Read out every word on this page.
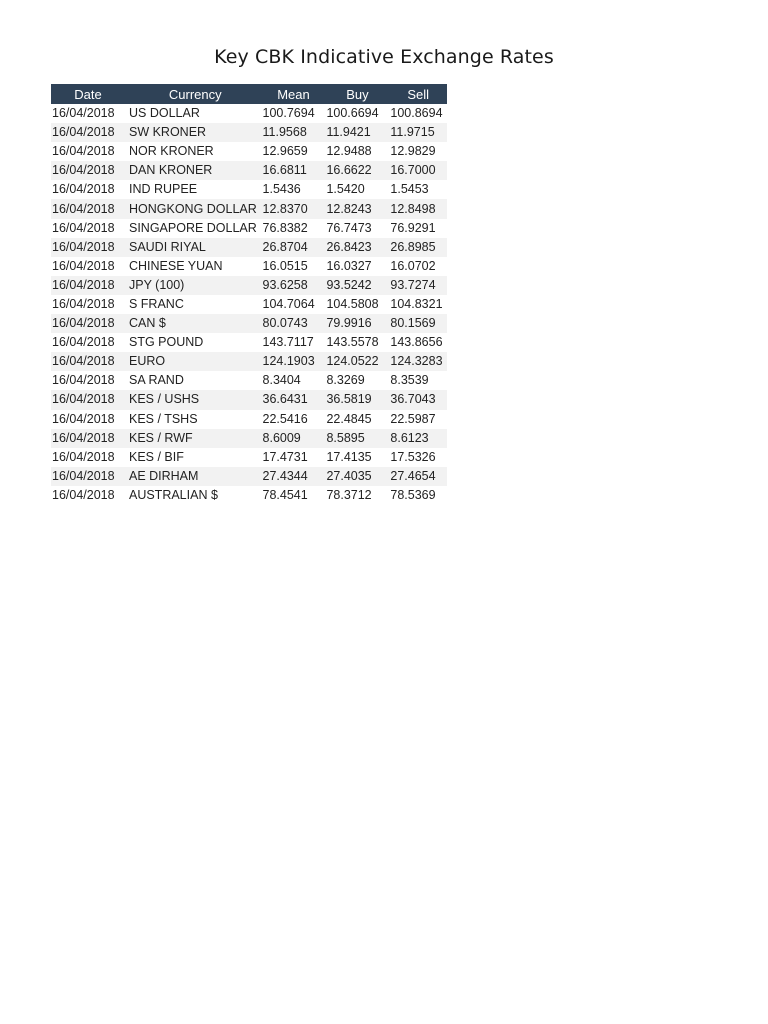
Key CBK Indicative Exchange Rates
Date	Currency	Mean	Buy	Sell
16/04/2018	US DOLLAR	100.7694	100.6694	100.8694
16/04/2018	SW KRONER	11.9568	11.9421	11.9715
16/04/2018	NOR KRONER	12.9659	12.9488	12.9829
16/04/2018	DAN KRONER	16.6811	16.6622	16.7000
16/04/2018	IND RUPEE	1.5436	1.5420	1.5453
16/04/2018	HONGKONG DOLLAR	12.8370	12.8243	12.8498
16/04/2018	SINGAPORE DOLLAR	76.8382	76.7473	76.9291
16/04/2018	SAUDI RIYAL	26.8704	26.8423	26.8985
16/04/2018	CHINESE YUAN	16.0515	16.0327	16.0702
16/04/2018	JPY (100)	93.6258	93.5242	93.7274
16/04/2018	S FRANC	104.7064	104.5808	104.8321
16/04/2018	CAN $	80.0743	79.9916	80.1569
16/04/2018	STG POUND	143.7117	143.5578	143.8656
16/04/2018	EURO	124.1903	124.0522	124.3283
16/04/2018	SA RAND	8.3404	8.3269	8.3539
16/04/2018	KES / USHS	36.6431	36.5819	36.7043
16/04/2018	KES / TSHS	22.5416	22.4845	22.5987
16/04/2018	KES / RWF	8.6009	8.5895	8.6123
16/04/2018	KES / BIF	17.4731	17.4135	17.5326
16/04/2018	AE DIRHAM	27.4344	27.4035	27.4654
16/04/2018	AUSTRALIAN $	78.4541	78.3712	78.5369
